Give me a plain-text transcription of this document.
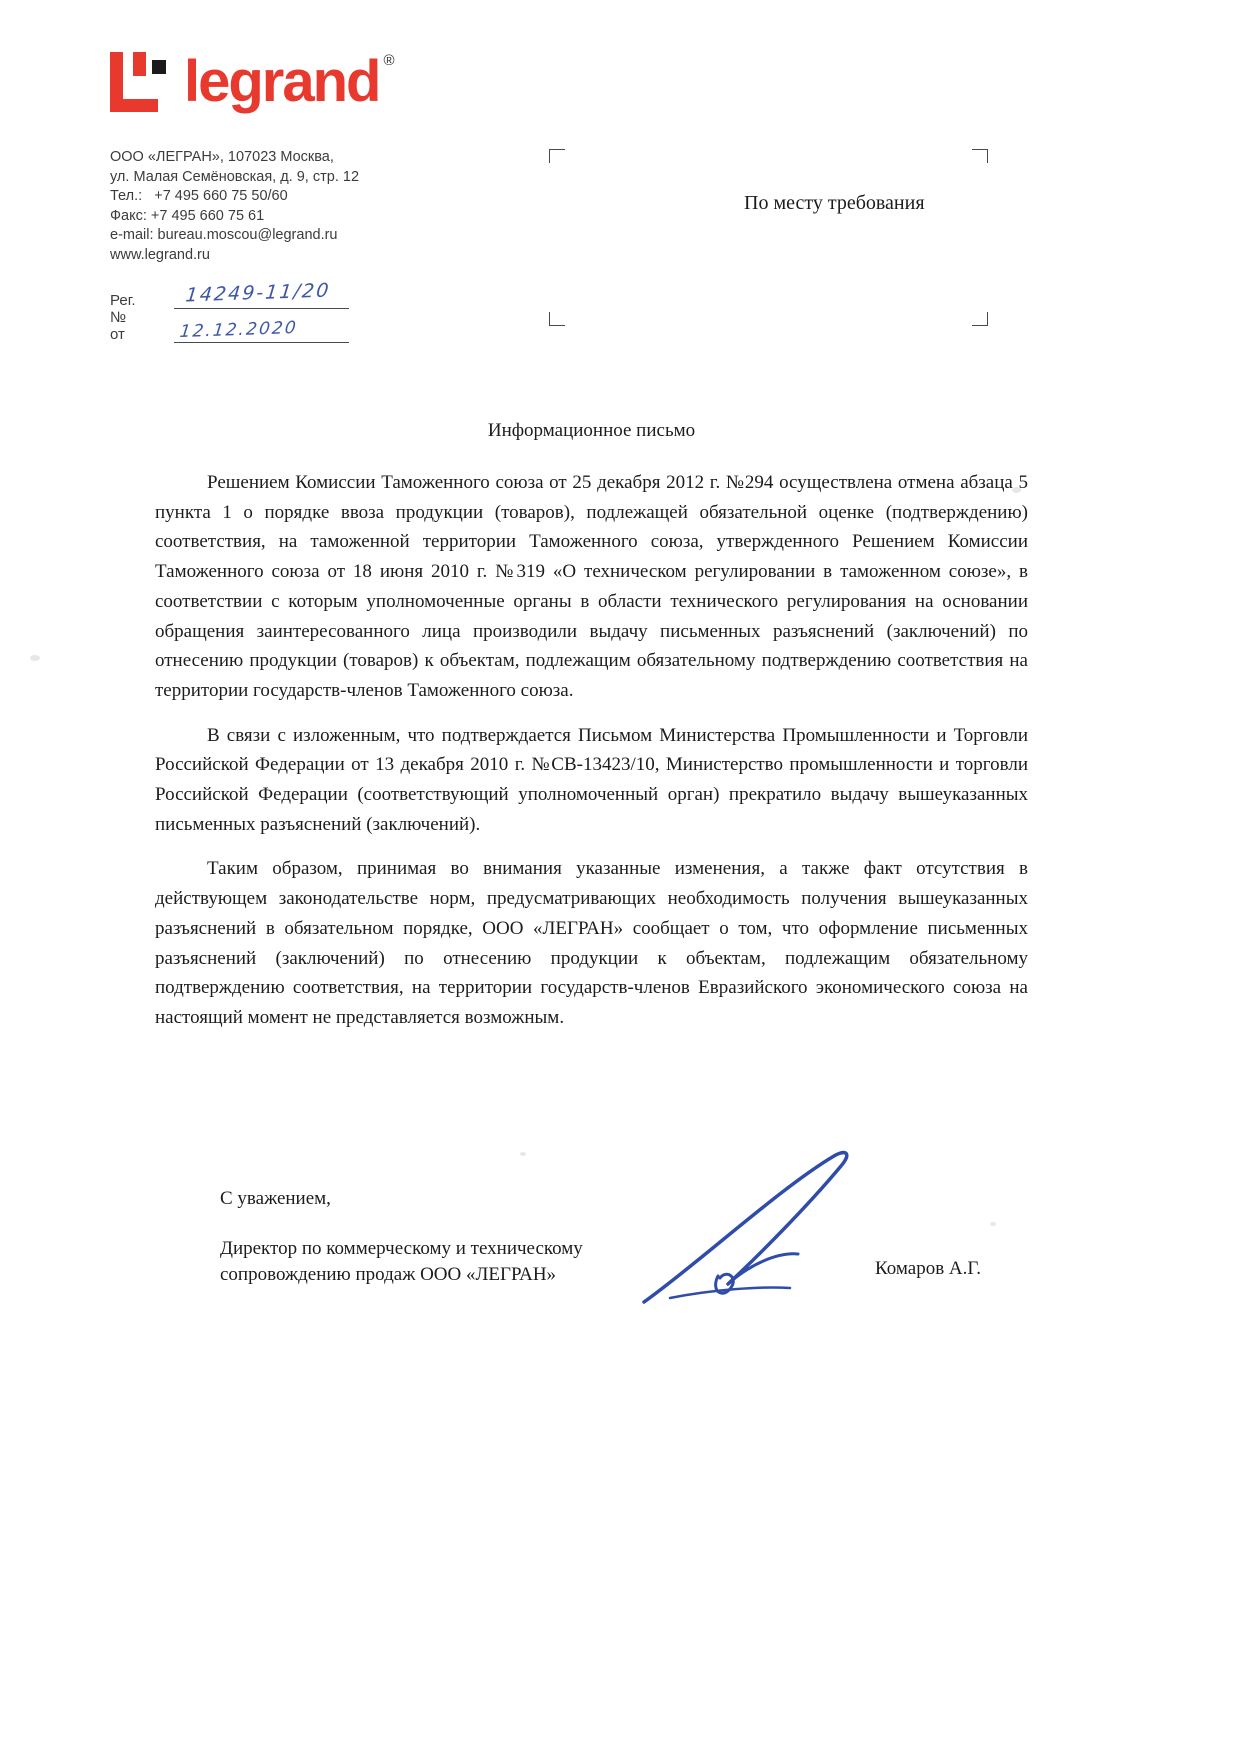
legrand ®
ООО «ЛЕГРАН», 107023 Москва,
ул. Малая Семёновская, д. 9, стр. 12
Тел.:   +7 495 660 75 50/60
Факс: +7 495 660 75 61
e-mail: bureau.moscou@legrand.ru
www.legrand.ru
Рег. №
14249-11/20
от	12.12.2020
По месту требования
Информационное письмо

Решением Комиссии Таможенного союза от 25 декабря 2012 г. №294 осуществлена отмена абзаца 5 пункта 1 о порядке ввоза продукции (товаров), подлежащей обязательной оценке (подтверждению) соответствия, на таможенной территории Таможенного союза, утвержденного Решением Комиссии Таможенного союза от 18 июня 2010 г. №319 «О техническом регулировании в таможенном союзе», в соответствии с которым уполномоченные органы в области технического регулирования на основании обращения заинтересованного лица производили выдачу письменных разъяснений (заключений) по отнесению продукции (товаров) к объектам, подлежащим обязательному подтверждению соответствия на территории государств-членов Таможенного союза.

В связи с изложенным, что подтверждается Письмом Министерства Промышленности и Торговли Российской Федерации от 13 декабря 2010 г. №СВ-13423/10, Министерство промышленности и торговли Российской Федерации (соответствующий уполномоченный орган) прекратило выдачу вышеуказанных письменных разъяснений (заключений).

Таким образом, принимая во внимания указанные изменения, а также факт отсутствия в действующем законодательстве норм, предусматривающих необходимость получения вышеуказанных разъяснений в обязательном порядке, ООО «ЛЕГРАН» сообщает о том, что оформление письменных разъяснений (заключений) по отнесению продукции к объектам, подлежащим обязательному подтверждению соответствия, на территории государств-членов Евразийского экономического союза на настоящий момент не представляется возможным.

С уважением,
Директор по коммерческому и техническому
сопровождению продаж ООО «ЛЕГРАН»	Комаров А.Г.
